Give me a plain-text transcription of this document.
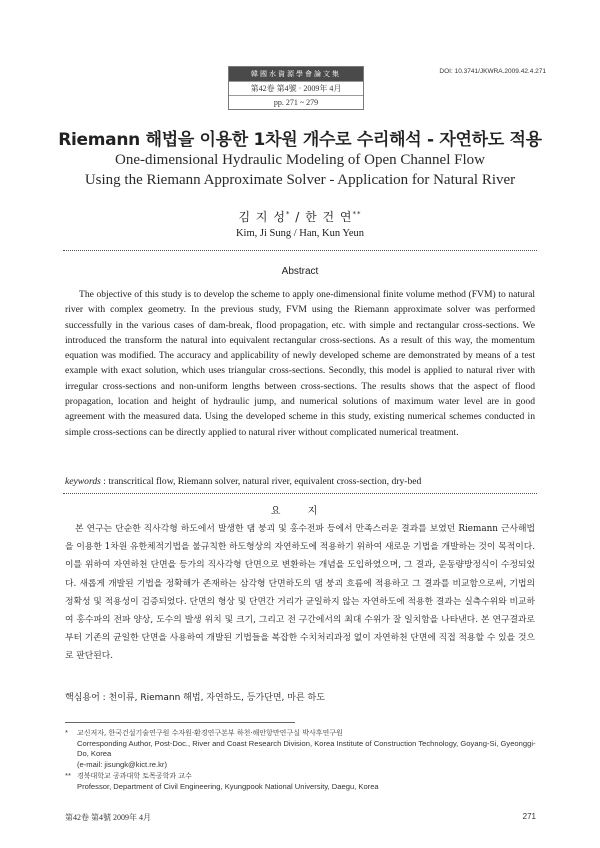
韓國水資源學會論文集
第42卷 第4號 · 2009年 4月
pp. 271 ~ 279
DOI: 10.3741/JKWRA.2009.42.4.271
Riemann 해법을 이용한 1차원 개수로 수리해석 - 자연하도 적용
One-dimensional Hydraulic Modeling of Open Channel Flow
Using the Riemann Approximate Solver - Application for Natural River
김 지 성* / 한 건 연**
Kim, Ji Sung / Han, Kun Yeun
Abstract
The objective of this study is to develop the scheme to apply one-dimensional finite volume method (FVM) to natural river with complex geometry. In the previous study, FVM using the Riemann approximate solver was performed successfully in the various cases of dam-break, flood propagation, etc. with simple and rectangular cross-sections. We introduced the transform the natural into equivalent rectangular cross-sections. As a result of this way, the momentum equation was modified. The accuracy and applicability of newly developed scheme are demonstrated by means of a test example with exact solution, which uses triangular cross-sections. Secondly, this model is applied to natural river with irregular cross-sections and non-uniform lengths between cross-sections. The results shows that the aspect of flood propagation, location and height of hydraulic jump, and numerical solutions of maximum water level are in good agreement with the measured data. Using the developed scheme in this study, existing numerical schemes conducted in simple cross-sections can be directly applied to natural river without complicated numerical treatment.
keywords : transcritical flow, Riemann solver, natural river, equivalent cross-section, dry-bed
요 지
본 연구는 단순한 직사각형 하도에서 발생한 댐 붕괴 및 홍수전파 등에서 만족스러운 결과를 보였던 Riemann 근사해법을 이용한 1차원 유한체적기법을 불규칙한 하도형상의 자연하도에 적용하기 위하여 새로운 기법을 개발하는 것이 목적이다. 이를 위하여 자연하천 단면을 등가의 직사각형 단면으로 변환하는 개념을 도입하였으며, 그 결과, 운동량방정식이 수정되었다. 새롭게 개발된 기법을 정확해가 존재하는 삼각형 단면하도의 댐 붕괴 흐름에 적용하고 그 결과를 비교함으로써, 기법의 정확성 및 적용성이 검증되었다. 단면의 형상 및 단면간 거리가 균일하지 않는 자연하도에 적용한 결과는 실측수위와 비교하여 홍수파의 전파 양상, 도수의 발생 위치 및 크기, 그리고 전 구간에서의 최대 수위가 잘 일치함을 나타낸다. 본 연구결과로부터 기존의 균일한 단면을 사용하여 개발된 기법들을 복잡한 수치처리과정 없이 자연하천 단면에 직접 적용할 수 있을 것으로 판단된다.
핵심용어 : 천이류, Riemann 해법, 자연하도, 등가단면, 마른 하도
* 교신저자, 한국건설기술연구원 수자원·환경연구본부 하천·해안항만연구실 박사후연구원
Corresponding Author, Post-Doc., River and Coast Research Division, Korea Institute of Construction Technology, Goyang-Si, Gyeonggi-Do, Korea
(e-mail: jisungk@kict.re.kr)
** 경북대학교 공과대학 토목공학과 교수
Professor, Department of Civil Engineering, Kyungpook National University, Daegu, Korea
第42卷 第4號 2009年 4月	271
